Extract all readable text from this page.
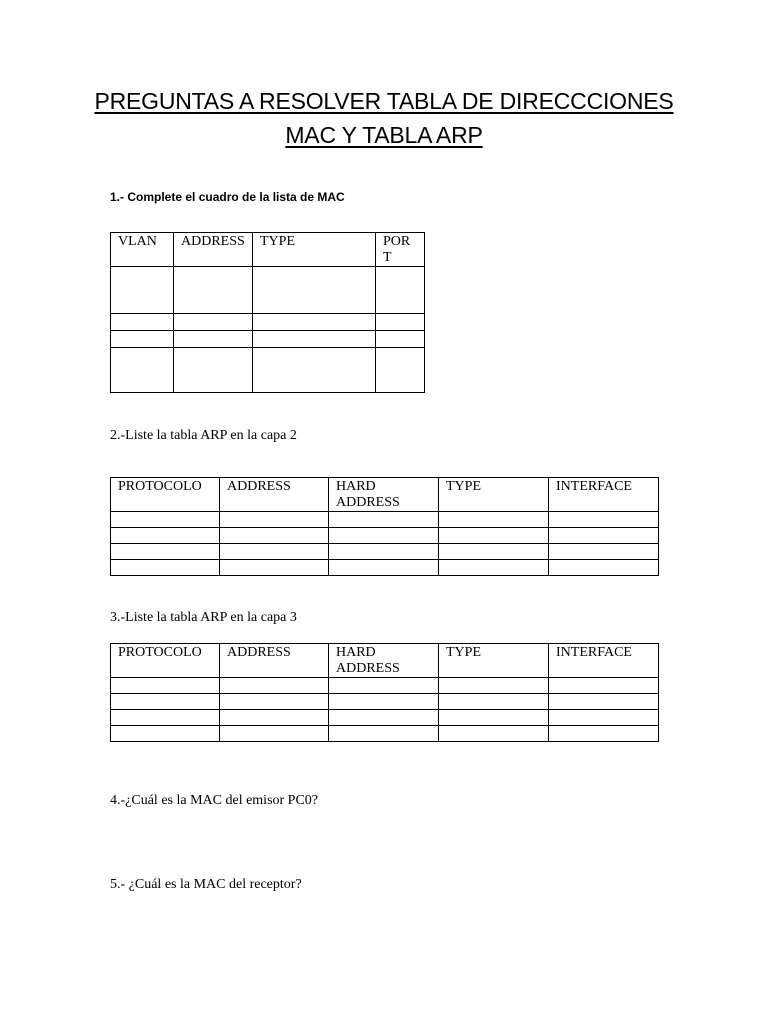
PREGUNTAS A RESOLVER TABLA DE DIRECCCIONES
MAC Y TABLA ARP

1.- Complete el cuadro de la lista de MAC

VLAN	ADDRESS	TYPE	PORT

2.-Liste la tabla ARP en la capa 2

PROTOCOLO	ADDRESS	HARD ADDRESS	TYPE	INTERFACE

3.-Liste la tabla ARP en la capa 3

PROTOCOLO	ADDRESS	HARD ADDRESS	TYPE	INTERFACE

4.-¿Cuál es la MAC del emisor PC0?

5.- ¿Cuál es la MAC del receptor?
